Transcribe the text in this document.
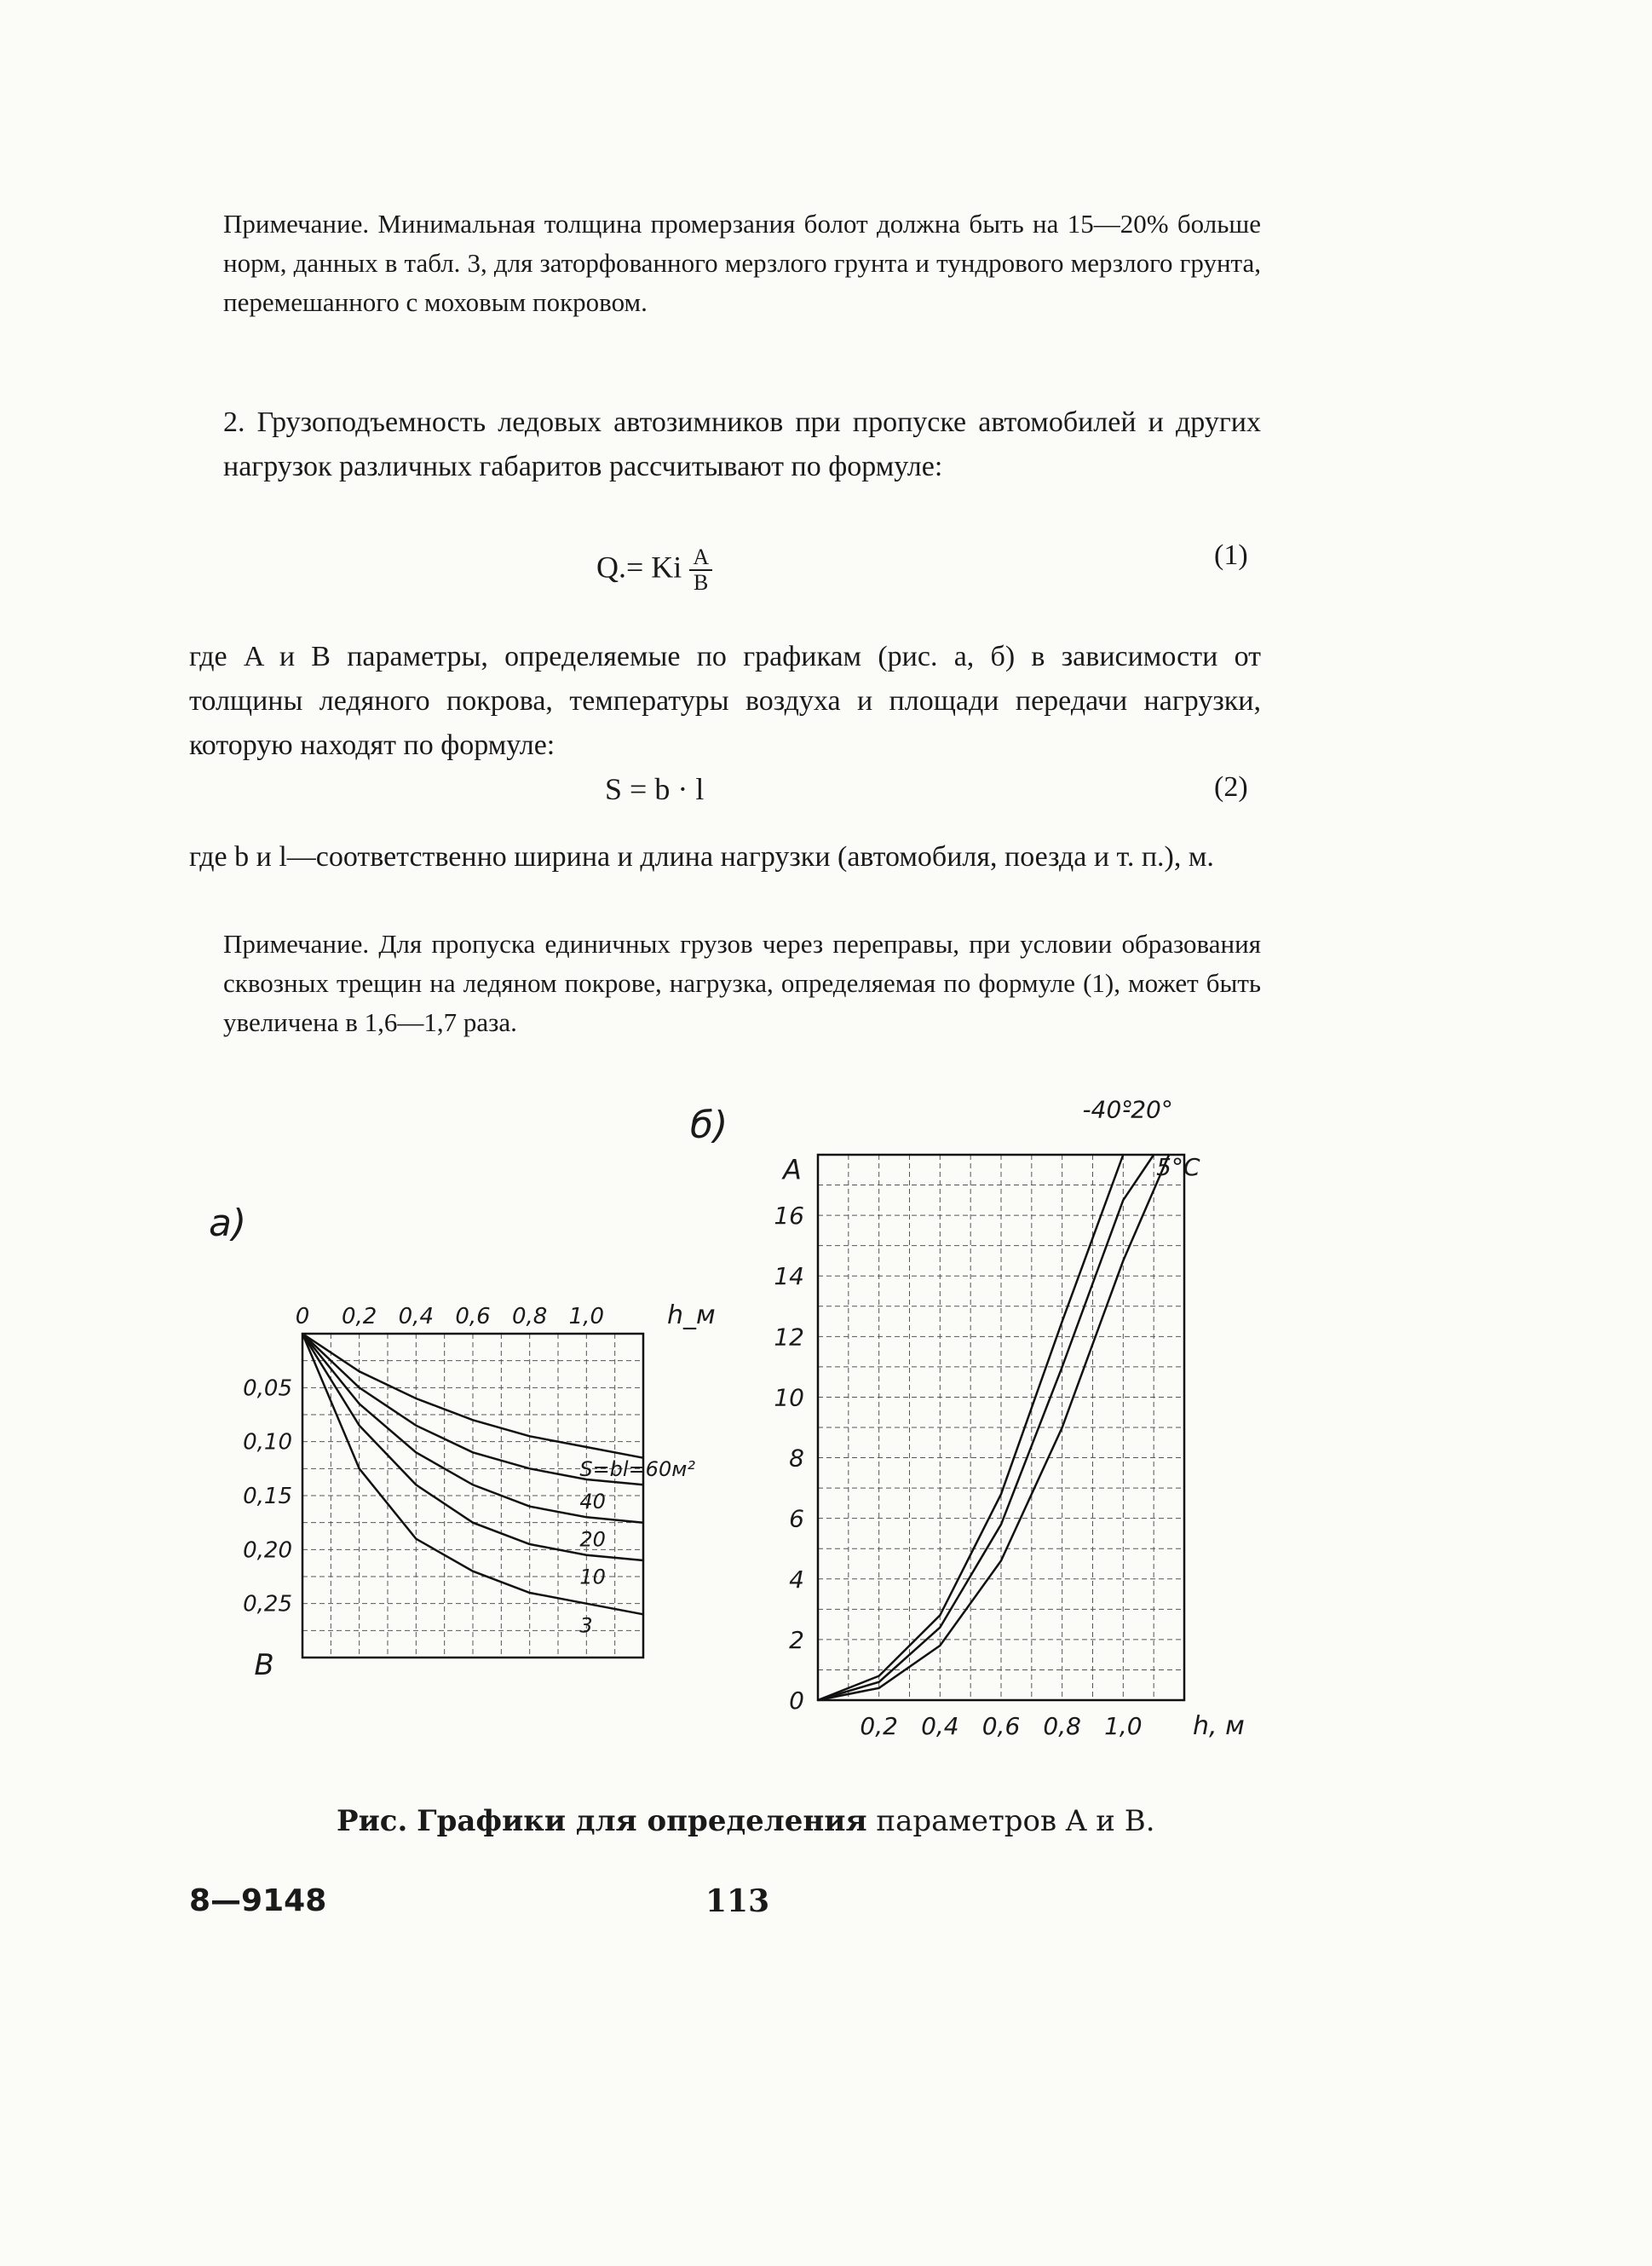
Примечание. Минимальная толщина промерзания болот должна быть на 15—20% больше норм, данных в табл. 3, для заторфованного мерзлого грунта и тундрового мерзлого грунта, перемешанного с моховым покровом.

2. Грузоподъемность ледовых автозимников при пропуске автомобилей и других нагрузок различных габаритов рассчитывают по формуле:

Q.= Ki $\frac{A}{B}$	(1)

где A и B параметры, определяемые по графикам (рис. а, б) в зависимости от толщины ледяного покрова, температуры воздуха и площади передачи нагрузки, которую находят по формуле:

S = b · l	(2)

где b и l—соответственно ширина и длина нагрузки (автомобиля, поезда и т. п.), м.

Примечание. Для пропуска единичных грузов через переправы, при условии образования сквозных трещин на ледяном покрове, нагрузка, определяемая по формуле (1), может быть увеличена в 1,6—1,7 раза.

б)
а)
0 0,2 0,4 0,6 0,8 1,0 h_м
0,05
0,10
0,15
0,20
0,25
B
S=bl=60м²
40
20
10
3
0
2
4
6
8
10
12
14
16
A
0,2 0,4 0,6 0,8 1,0 h, м
-40°
-20°
5°C
Рис. Графики для определения параметров A и B.
8—9148	113
